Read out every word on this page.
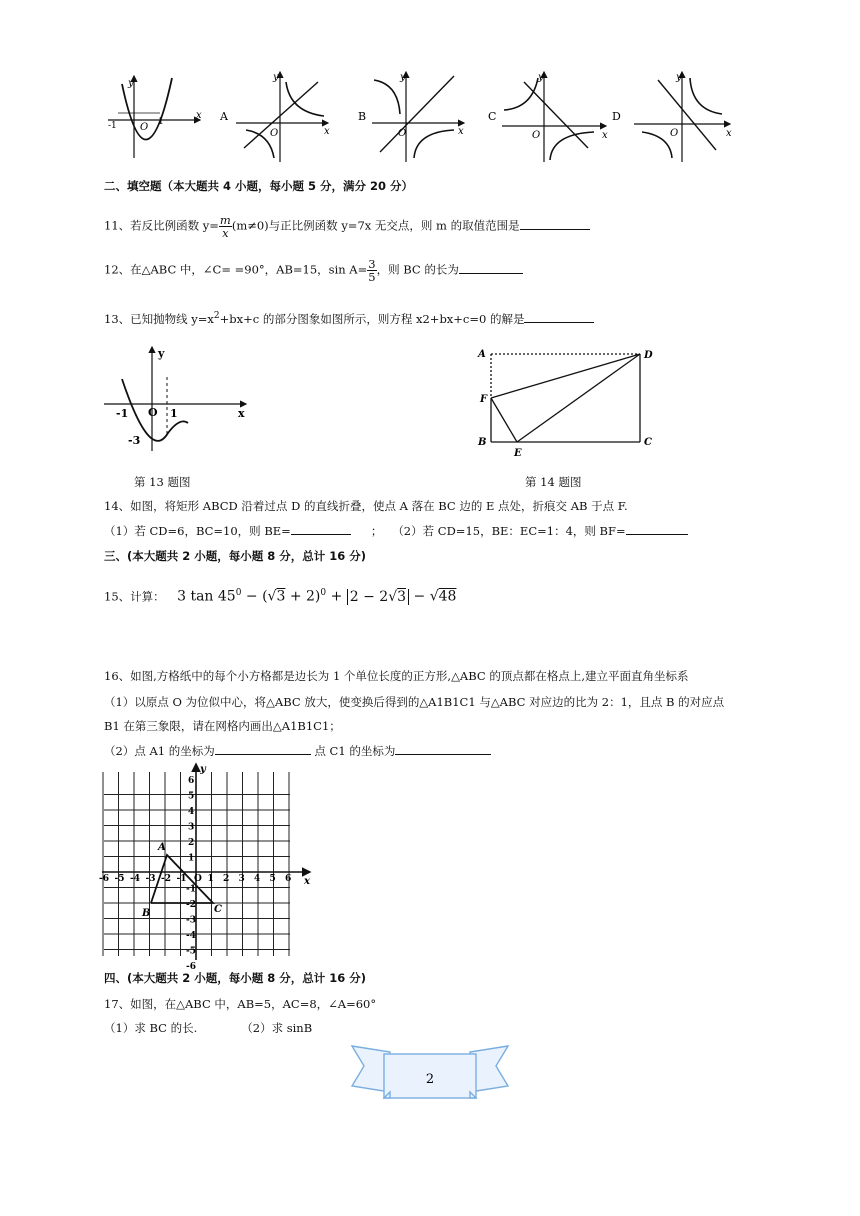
y
x
O
-1	1	A
y
x
O
B
y
x
O
C
y
x
O
D
y
x
O
二、填空题（本大题共 4 小题，每小题 5 分，满分 20 分）
11、若反比例函数 $y= \frac{m}{x} (m\ne 0)$与正比例函数 y=7x 无交点，则 m 的取值范围是
12、在△ABC 中，∠C= =90°，AB=15，$\sin A= \frac{3}{5}$ ，则 BC 的长为
13、已知抛物线 $y=x^2+bx+c$ 的部分图象如图所示，则方程 x2+bx+c=0 的解是
y
x
O
-1	1
-3
第 13 题图
A	D
F
B	C
E
第 14 题图
14、如图，将矩形 ABCD 沿着过点 D 的直线折叠，使点 A 落在 BC 边的 E 点处，折痕交 AB 于点 F.
（1）若 CD=6，BC=10，则 BE=	； （2）若 CD=15，BE：EC=1：4，则 BF=
三、(本大题共 2 小题，每小题 8 分，总计 16 分)
15、计算： 3 $\tan 45^0 - (√3 + 2)^0 + 2 - 2√3 - √48$
16、如图,方格纸中的每个小方格都是边长为 1 个单位长度的正方形,△ABC 的顶点都在格点上,建立平面直角坐标系
（1）以原点 O 为位似中心，将△ABC 放大，使变换后得到的△A1B1C1 与△ABC 对应边的比为 2：1，且点 B 的对应点
B1 在第三象限，请在网格内画出△A1B1C1；
（2）点 A1 的坐标为	点 C1 的坐标为
-6 -5 -4 -3 -2 -1 1 2 3 4 5 6
6
5
4
3
2
1
-1
-2
-3
-4
-5
-6
O
y
x
A
B	C
四、(本大题共 2 小题，每小题 8 分，总计 16 分)
17、如图，在△ABC 中，AB=5，AC=8，∠A=60°
（1）求 BC 的长.	（2）求 sinB
2
